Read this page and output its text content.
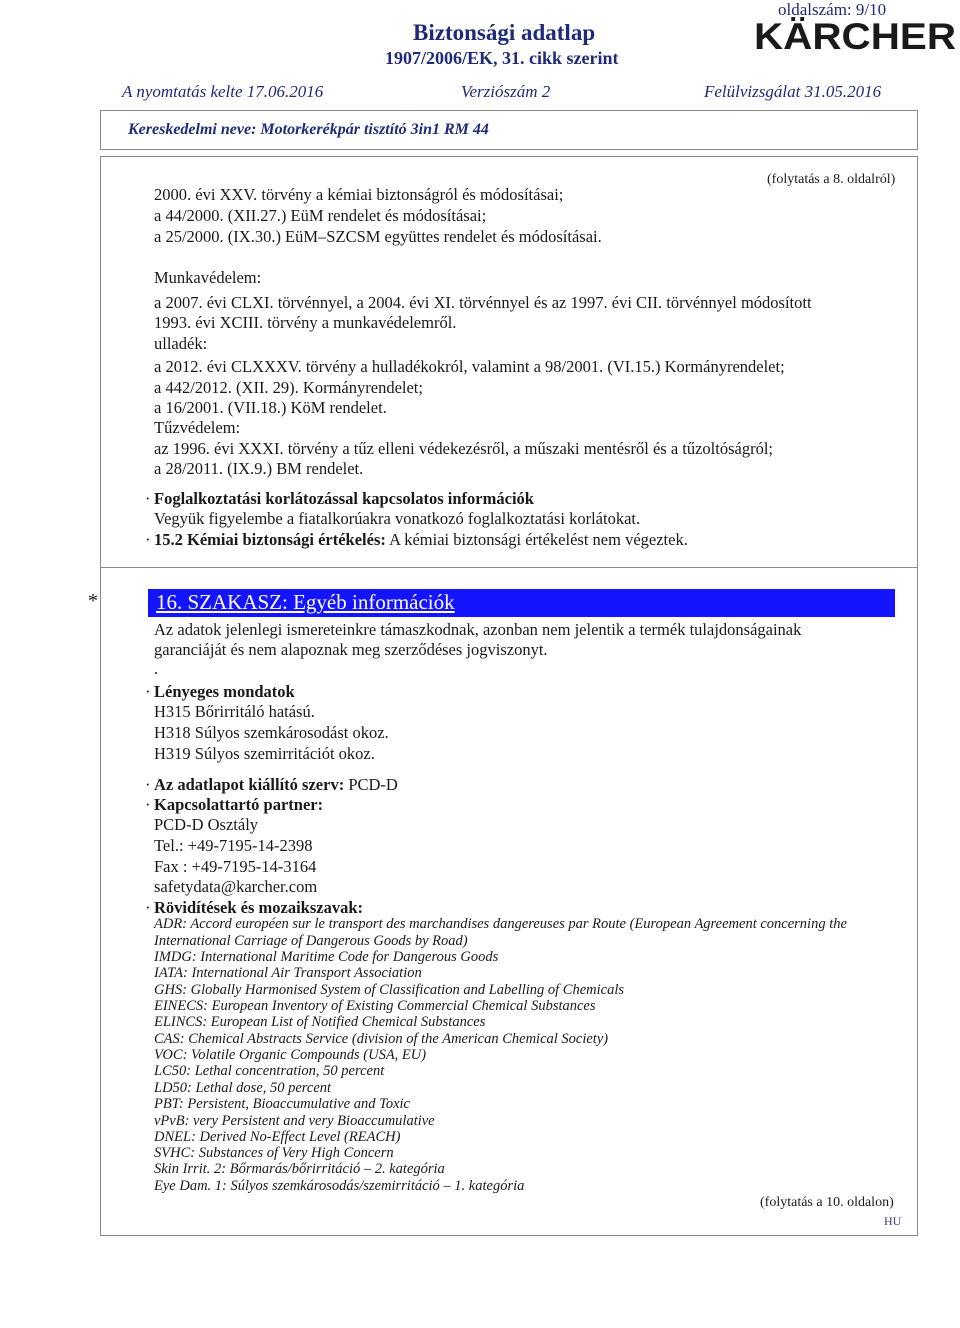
oldalszám: 9/10
Biztonsági adatlap
1907/2006/EK, 31. cikk szerint
KÄRCHER
A nyomtatás kelte 17.06.2016	Verziószám 2	Felülvizsgálat 31.05.2016
Kereskedelmi neve: Motorkerékpár tisztító 3in1 RM 44
(folytatás a 8. oldalról)
2000. évi XXV. törvény a kémiai biztonságról és módosításai;
a 44/2000. (XII.27.) EüM rendelet és módosításai;
a 25/2000. (IX.30.) EüM–SZCSM együttes rendelet és módosításai.
Munkavédelem:
a 2007. évi CLXI. törvénnyel, a 2004. évi XI. törvénnyel és az 1997. évi CII. törvénnyel módosított
1993. évi XCIII. törvény a munkavédelemről.
ulladék:
a 2012. évi CLXXXV. törvény a hulladékokról, valamint a 98/2001. (VI.15.) Kormányrendelet;
a 442/2012. (XII. 29). Kormányrendelet;
a 16/2001. (VII.18.) KöM rendelet.
Tűzvédelem:
az 1996. évi XXXI. törvény a tűz elleni védekezésről, a műszaki mentésről és a tűzoltóságról;
a 28/2011. (IX.9.) BM rendelet.
· Foglalkoztatási korlátozással kapcsolatos információk
Vegyük figyelembe a fiatalkorúakra vonatkozó foglalkoztatási korlátokat.
· 15.2 Kémiai biztonsági értékelés: A kémiai biztonsági értékelést nem végeztek.
*	16. SZAKASZ: Egyéb információk
Az adatok jelenlegi ismereteinkre támaszkodnak, azonban nem jelentik a termék tulajdonságainak
garanciáját és nem alapoznak meg szerződéses jogviszonyt.
.
· Lényeges mondatok
H315 Bőrirritáló hatású.
H318 Súlyos szemkárosodást okoz.
H319 Súlyos szemirritációt okoz.
· Az adatlapot kiállító szerv: PCD-D
· Kapcsolattartó partner:
PCD-D Osztály
Tel.: +49-7195-14-2398
Fax : +49-7195-14-3164
safetydata@karcher.com
· Rövidítések és mozaikszavak:
ADR: Accord européen sur le transport des marchandises dangereuses par Route (European Agreement concerning the
International Carriage of Dangerous Goods by Road)
IMDG: International Maritime Code for Dangerous Goods
IATA: International Air Transport Association
GHS: Globally Harmonised System of Classification and Labelling of Chemicals
EINECS: European Inventory of Existing Commercial Chemical Substances
ELINCS: European List of Notified Chemical Substances
CAS: Chemical Abstracts Service (division of the American Chemical Society)
VOC: Volatile Organic Compounds (USA, EU)
LC50: Lethal concentration, 50 percent
LD50: Lethal dose, 50 percent
PBT: Persistent, Bioaccumulative and Toxic
vPvB: very Persistent and very Bioaccumulative
DNEL: Derived No-Effect Level (REACH)
SVHC: Substances of Very High Concern
Skin Irrit. 2: Bőrmarás/bőrirritáció – 2. kategória
Eye Dam. 1: Súlyos szemkárosodás/szemirritáció – 1. kategória
(folytatás a 10. oldalon)
HU
